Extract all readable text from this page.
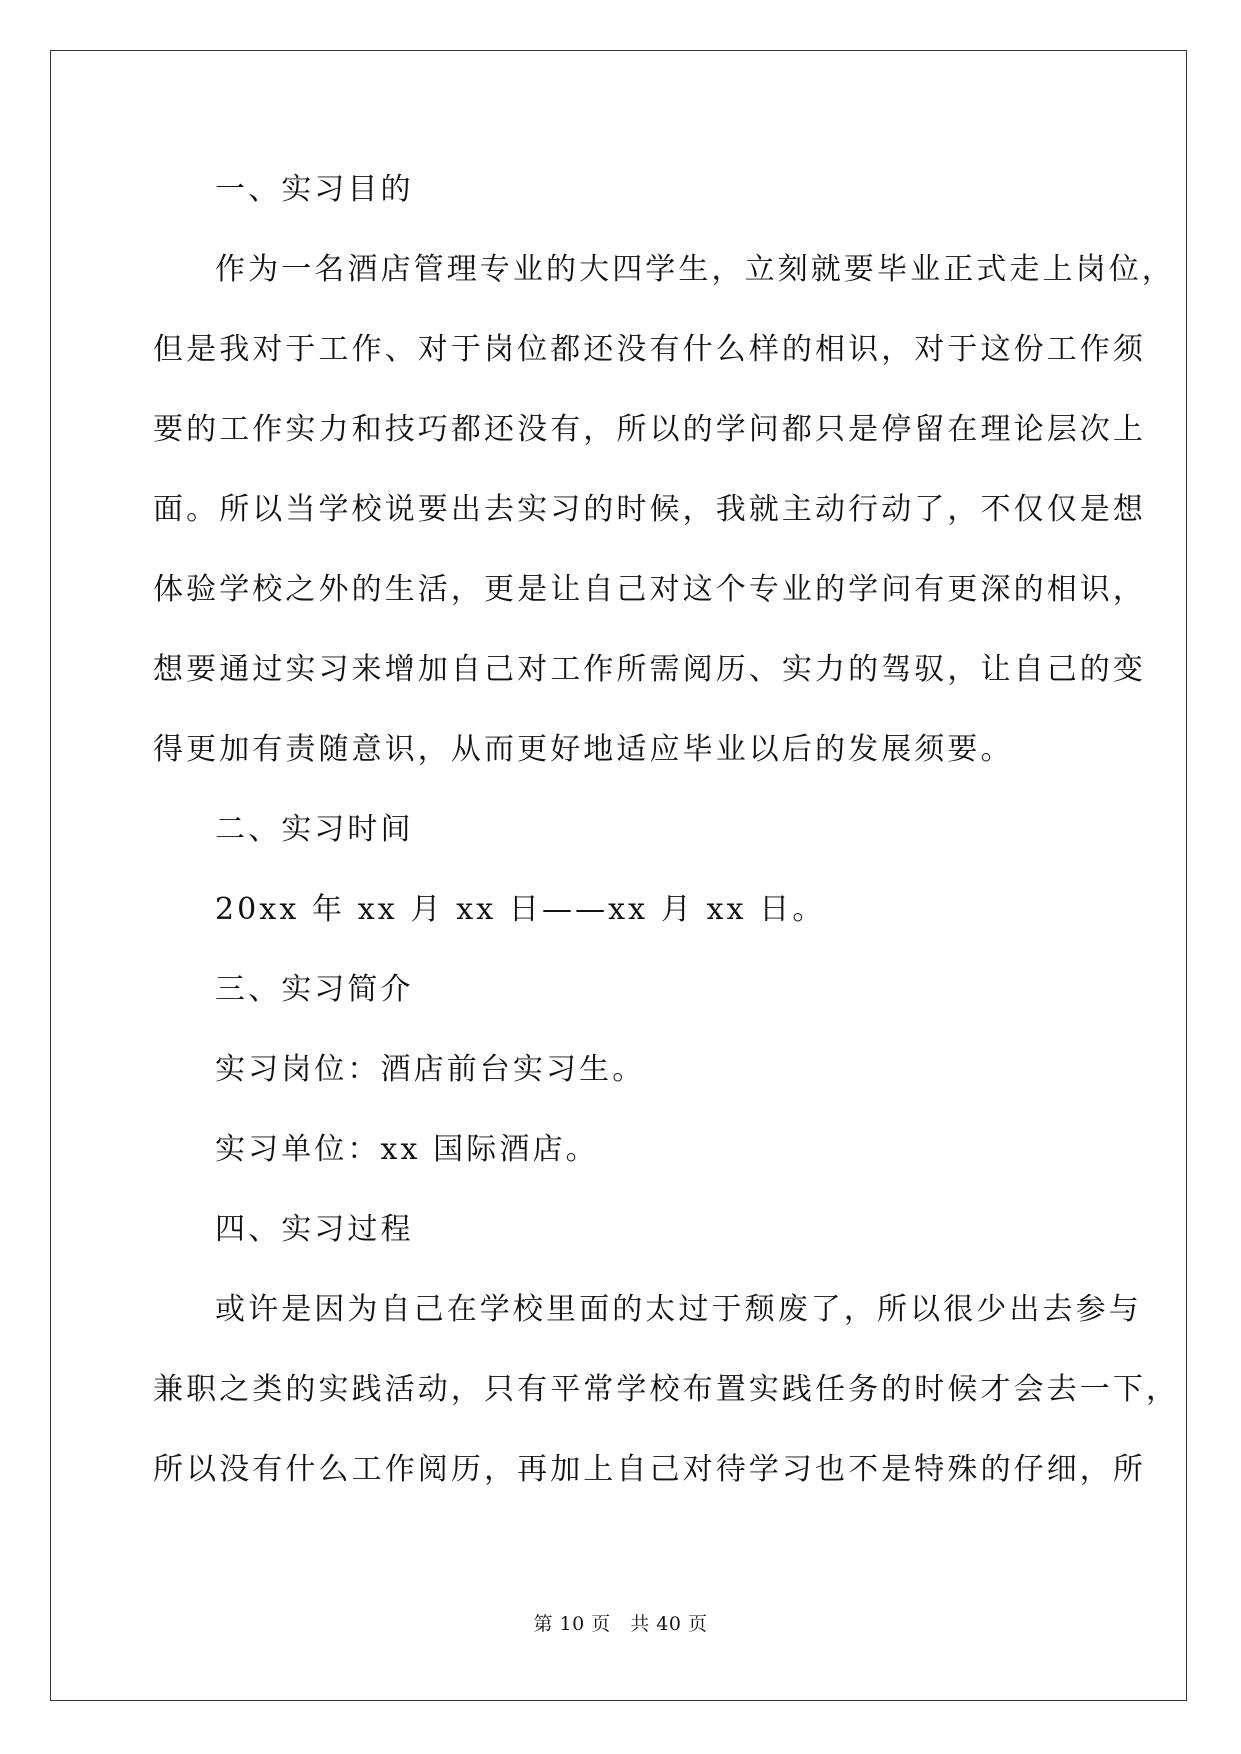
一、实习目的

作为一名酒店管理专业的大四学生，立刻就要毕业正式走上岗位，

但是我对于工作、对于岗位都还没有什么样的相识，对于这份工作须

要的工作实力和技巧都还没有，所以的学问都只是停留在理论层次上

面。所以当学校说要出去实习的时候，我就主动行动了，不仅仅是想

体验学校之外的生活，更是让自己对这个专业的学问有更深的相识，

想要通过实习来增加自己对工作所需阅历、实力的驾驭，让自己的变

得更加有责随意识，从而更好地适应毕业以后的发展须要。

二、实习时间

20xx 年 xx 月 xx 日——xx 月 xx 日。

三、实习简介

实习岗位：酒店前台实习生。

实习单位：xx 国际酒店。

四、实习过程

或许是因为自己在学校里面的太过于颓废了，所以很少出去参与

兼职之类的实践活动，只有平常学校布置实践任务的时候才会去一下，

所以没有什么工作阅历，再加上自己对待学习也不是特殊的仔细，所

第 10 页　共 40 页
